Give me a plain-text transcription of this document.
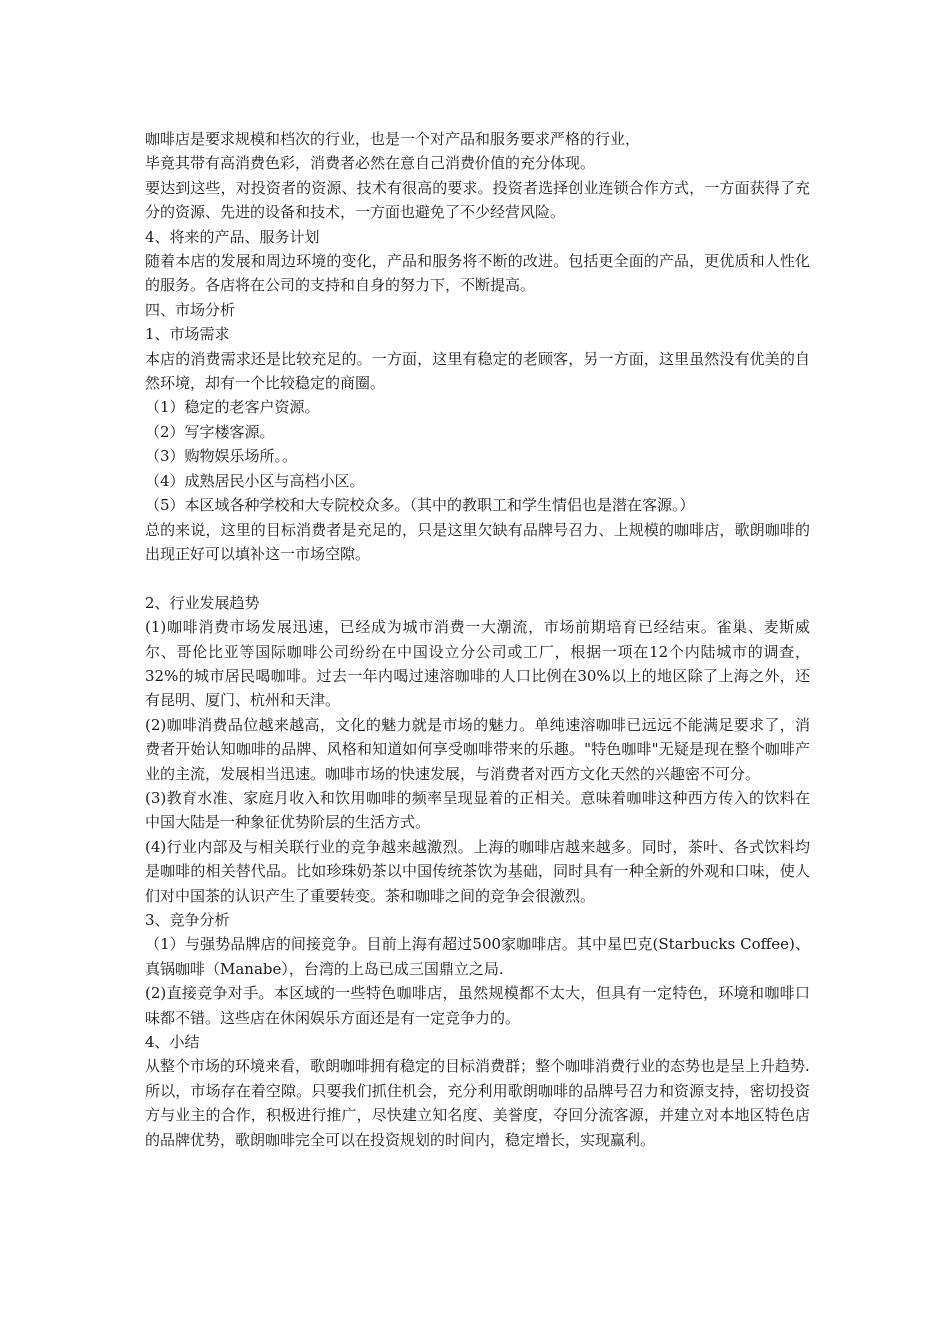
咖啡店是要求规模和档次的行业，也是一个对产品和服务要求严格的行业，

毕竟其带有高消费色彩，消费者必然在意自己消费价值的充分体现。

要达到这些，对投资者的资源、技术有很高的要求。投资者选择创业连锁合作方式，一方面获得了充分的资源、先进的设备和技术，一方面也避免了不少经营风险。

4、将来的产品、服务计划

随着本店的发展和周边环境的变化，产品和服务将不断的改进。包括更全面的产品，更优质和人性化的服务。各店将在公司的支持和自身的努力下，不断提高。

四、市场分析

1、市场需求

本店的消费需求还是比较充足的。一方面，这里有稳定的老顾客，另一方面，这里虽然没有优美的自然环境，却有一个比较稳定的商圈。

（1）稳定的老客户资源。

（2）写字楼客源。

（3）购物娱乐场所。。

（4）成熟居民小区与高档小区。

（5）本区域各种学校和大专院校众多。（其中的教职工和学生情侣也是潜在客源。）

总的来说，这里的目标消费者是充足的，只是这里欠缺有品牌号召力、上规模的咖啡店，歌朗咖啡的出现正好可以填补这一市场空隙。

2、行业发展趋势

(1)咖啡消费市场发展迅速，已经成为城市消费一大潮流，市场前期培育已经结束。雀巢、麦斯威尔、哥伦比亚等国际咖啡公司纷纷在中国设立分公司或工厂，根据一项在12个内陆城市的调查，32%的城市居民喝咖啡。过去一年内喝过速溶咖啡的人口比例在30%以上的地区除了上海之外，还有昆明、厦门、杭州和天津。

(2)咖啡消费品位越来越高，文化的魅力就是市场的魅力。单纯速溶咖啡已远远不能满足要求了，消费者开始认知咖啡的品牌、风格和知道如何享受咖啡带来的乐趣。"特色咖啡"无疑是现在整个咖啡产业的主流，发展相当迅速。咖啡市场的快速发展，与消费者对西方文化天然的兴趣密不可分。

(3)教育水准、家庭月收入和饮用咖啡的频率呈现显着的正相关。意味着咖啡这种西方传入的饮料在中国大陆是一种象征优势阶层的生活方式。

(4)行业内部及与相关联行业的竞争越来越激烈。上海的咖啡店越来越多。同时，茶叶、各式饮料均是咖啡的相关替代品。比如珍珠奶茶以中国传统茶饮为基础，同时具有一种全新的外观和口味，使人们对中国茶的认识产生了重要转变。茶和咖啡之间的竞争会很激烈。

3、竞争分析

（1）与强势品牌店的间接竞争。目前上海有超过500家咖啡店。其中星巴克(Starbucks Coffee)、真锅咖啡（Manabe），台湾的上岛已成三国鼎立之局.

(2)直接竞争对手。本区域的一些特色咖啡店，虽然规模都不太大，但具有一定特色，环境和咖啡口味都不错。这些店在休闲娱乐方面还是有一定竞争力的。

4、小结

从整个市场的环境来看，歌朗咖啡拥有稳定的目标消费群；整个咖啡消费行业的态势也是呈上升趋势.

所以，市场存在着空隙。只要我们抓住机会，充分利用歌朗咖啡的品牌号召力和资源支持，密切投资方与业主的合作，积极进行推广，尽快建立知名度、美誉度，夺回分流客源，并建立对本地区特色店的品牌优势，歌朗咖啡完全可以在投资规划的时间内，稳定增长，实现赢利。
